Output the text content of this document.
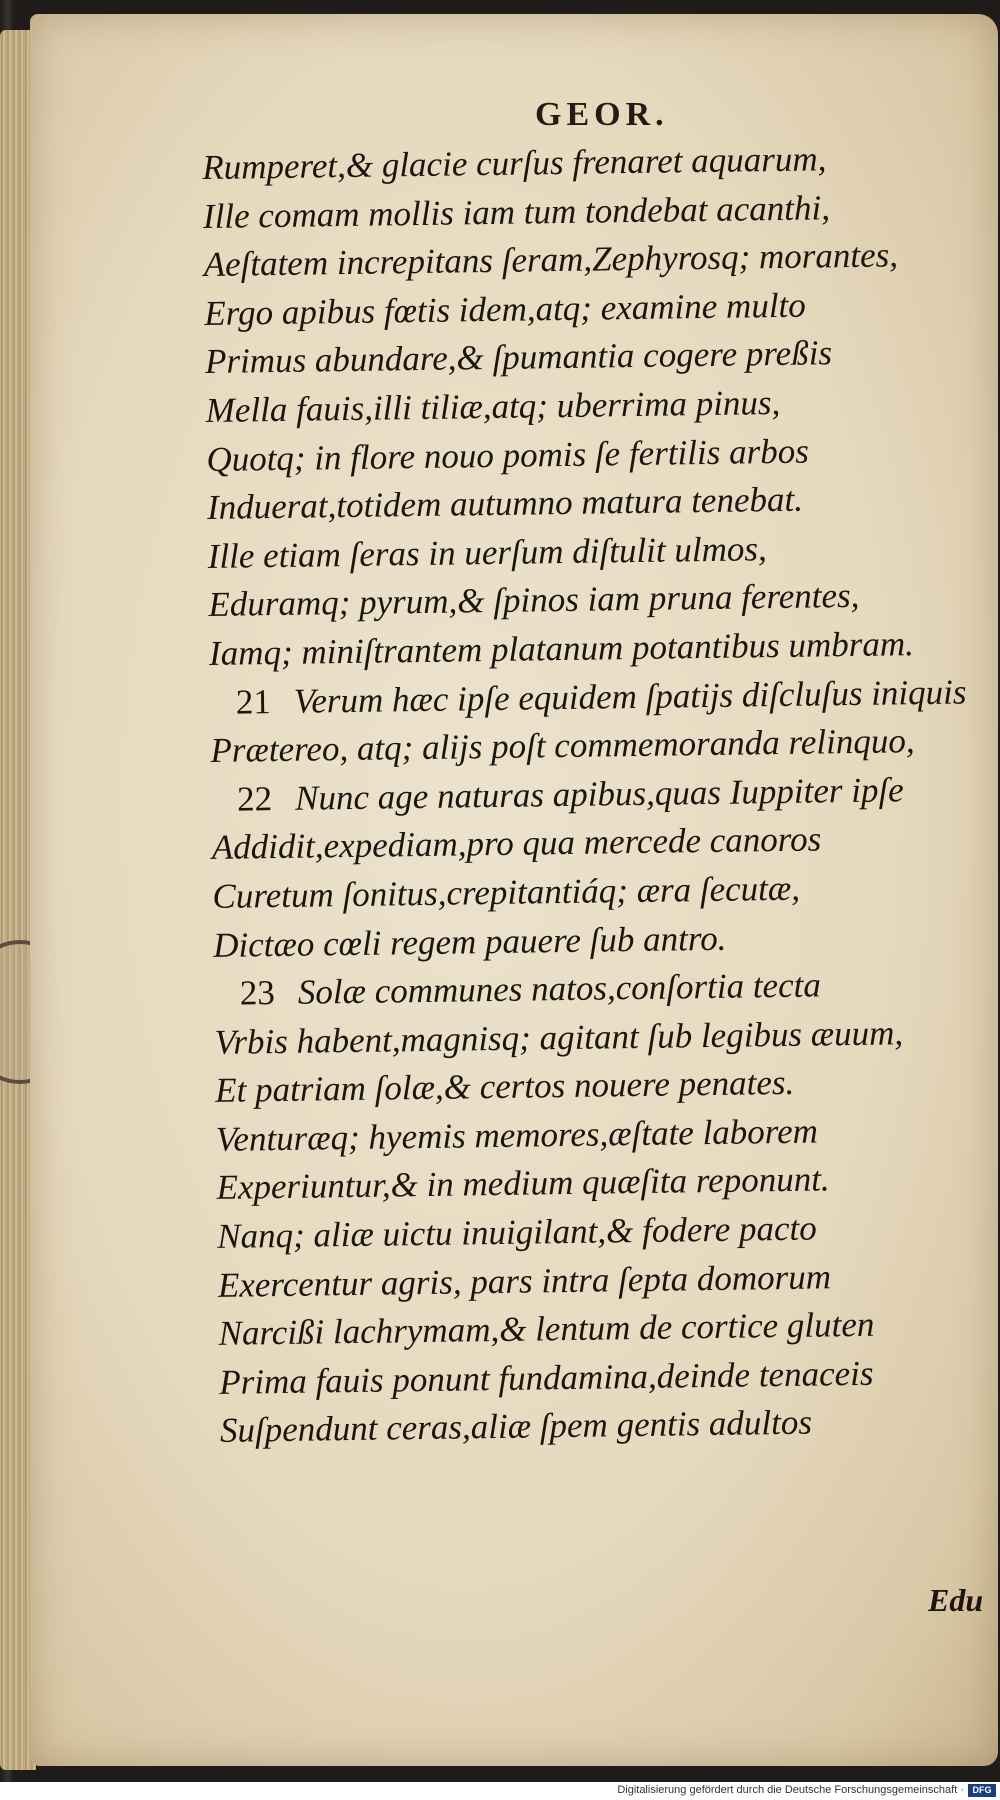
GEOR.
Rumperet,& glacie curſus frenaret aquarum,
Ille comam mollis iam tum tondebat acanthi,
Aeſtatem increpitans ſeram,Zephyrosq; morantes,
Ergo apibus fœtis idem,atq; examine multo
Primus abundare,& ſpumantia cogere preßis
Mella fauis,illi tiliæ,atq; uberrima pinus,
Quotq; in flore nouo pomis ſe fertilis arbos
Induerat,totidem autumno matura tenebat.
Ille etiam ſeras in uerſum diſtulit ulmos,
Eduramq; pyrum,& ſpinos iam pruna ferentes,
Iamq; miniſtrantem platanum potantibus umbram.
21 Verum hæc ipſe equidem ſpatijs diſcluſus iniquis
Prætereo, atq; alijs poſt commemoranda relinquo,
22 Nunc age naturas apibus,quas Iuppiter ipſe
Addidit,expediam,pro qua mercede canoros
Curetum ſonitus,crepitantiáq; æra ſecutæ,
Dictæo cœli regem pauere ſub antro.
23 Solæ communes natos,conſortia tecta
Vrbis habent,magnisq; agitant ſub legibus æuum,
Et patriam ſolæ,& certos nouere penates.
Venturæq; hyemis memores,æſtate laborem
Experiuntur,& in medium quæſita reponunt.
Nanq; aliæ uictu inuigilant,& fodere pacto
Exercentur agris, pars intra ſepta domorum
Narcißi lachrymam,& lentum de cortice gluten
Prima fauis ponunt fundamina,deinde tenaceis
Suſpendunt ceras,aliæ ſpem gentis adultos
Edu
Digitalisierung gefördert durch die Deutsche Forschungsgemeinschaft · DFG
